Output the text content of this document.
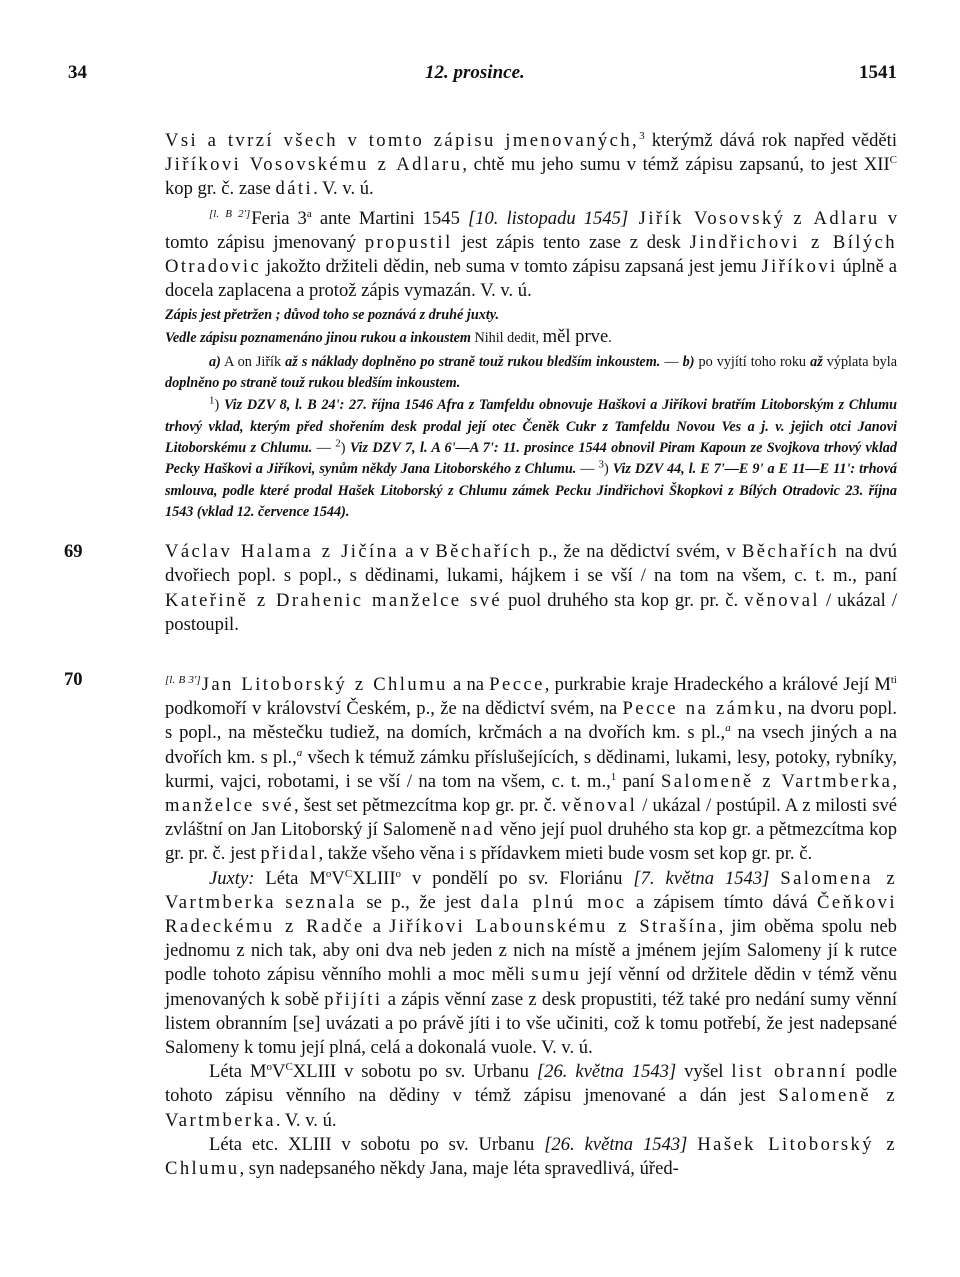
34	12. prosince.	1541

Vsi a tvrzí všech v tomto zápisu jmenovaných,$^3$ kterýmž dává rok napřed věděti Jiříkovi Vosovskému z Adlaru, chtě mu jeho sumu v témž zápisu zapsanú, to jest $XII^C$ kop gr. č. zase dáti. V. v. ú.

[l. B 2']Feria 3$^a$ ante Martini 1545 [10. listopadu 1545] Jiřík Vosovský z Adlaru v tomto zápisu jmenovaný propustil jest zápis tento zase z desk Jindřichovi z Bílých Otradovic jakožto držiteli dědin, neb suma v tomto zápisu zapsaná jest jemu Jiříkovi úplně a docela zaplacena a protož zápis vymazán. V. v. ú.

Zápis jest přetržen ; důvod toho se poznává z druhé juxty.

Vedle zápisu poznamenáno jinou rukou a inkoustem Nihil dedit, měl prve.

a) A on Jiřík až s náklady doplněno po straně touž rukou bledším inkoustem. — b) po vyjítí toho roku až výplata byla doplněno po straně touž rukou bledším inkoustem.

$^1$) Viz DZV 8, l. B 24': 27. října 1546 Afra z Tamfeldu obnovuje Haškovi a Jiříkovi bratřím Litoborským z Chlumu trhový vklad, kterým před shořením desk prodal její otec Čeněk Cukr z Tamfeldu Novou Ves a j. v. jejich otci Janovi Litoborskému z Chlumu. — $^2$) Viz DZV 7, l. A 6'—A 7': 11. prosince 1544 obnovil Piram Kapoun ze Svojkova trhový vklad Pecky Haškovi a Jiříkovi, synům někdy Jana Litoborského z Chlumu. — $^3$) Viz DZV 44, l. E 7'—E 9' a E 11—E 11': trhová smlouva, podle které prodal Hašek Litoborský z Chlumu zámek Pecku Jindřichovi Škopkovi z Bílých Otradovic 23. října 1543 (vklad 12. července 1544).

69	Václav Halama z Jičína a v Běchařích p., že na dědictví svém, v Běchařích na dvú dvořiech popl. s popl., s dědinami, lukami, hájkem i se vší / na tom na všem, c. t. m., paní Kateřině z Drahenic manželce své puol druhého sta kop gr. pr. č. věnoval / ukázal / postoupil.

70	[l. B 3']Jan Litoborský z Chlumu a na Pecce, purkrabie kraje Hradeckého a králové Její $M^{ti}$ podkomoří v království Českém, p., že na dědictví svém, na Pecce na zámku, na dvoru popl. s popl., na městečku tudiež, na domích, krčmách a na dvořích km. s pl.,$^a$ na vsech jiných a na dvořích km. s pl.,$^a$ všech k témuž zámku příslušejících, s dědinami, lukami, lesy, potoky, rybníky, kurmi, vajci, robotami, i se vší / na tom na všem, c. t. m.,$^1$ paní Salomeně z Vartmberka, manželce své, šest set pětmezcítma kop gr. pr. č. věnoval / ukázal / postúpil. A z milosti své zvláštní on Jan Litoborský jí Salomeně nad věno její puol druhého sta kop gr. a pětmezcítma kop gr. pr. č. jest přidal, takže všeho věna i s přídavkem mieti bude vosm set kop gr. pr. č.

Juxty: Léta $M^oV^CXLIII^o$ v pondělí po sv. Floriánu [7. května 1543] Salomena z Vartmberka seznala se p., že jest dala plnú moc a zápisem tímto dává Čeňkovi Radeckému z Radče a Jiříkovi Labounskému z Strašína, jim oběma spolu neb jednomu z nich tak, aby oni dva neb jeden z nich na místě a jménem jejím Salomeny jí k rutce podle tohoto zápisu věnního mohli a moc měli sumu její věnní od držitele dědin v témž věnu jmenovaných k sobě přijíti a zápis věnní zase z desk propustiti, též také pro nedání sumy věnní listem obranním [se] uvázati a po právě jíti i to vše učiniti, což k tomu potřebí, že jest nadepsané Salomeny k tomu její plná, celá a dokonalá vuole. V. v. ú.

Léta $M^oV^CXLIII$ v sobotu po sv. Urbanu [26. května 1543] vyšel list obranní podle tohoto zápisu věnního na dědiny v témž zápisu jmenované a dán jest Salomeně z Vartmberka. V. v. ú.

Léta etc. XLIII v sobotu po sv. Urbanu [26. května 1543] Hašek Litoborský z Chlumu, syn nadepsaného někdy Jana, maje léta spravedlivá, úřed-
